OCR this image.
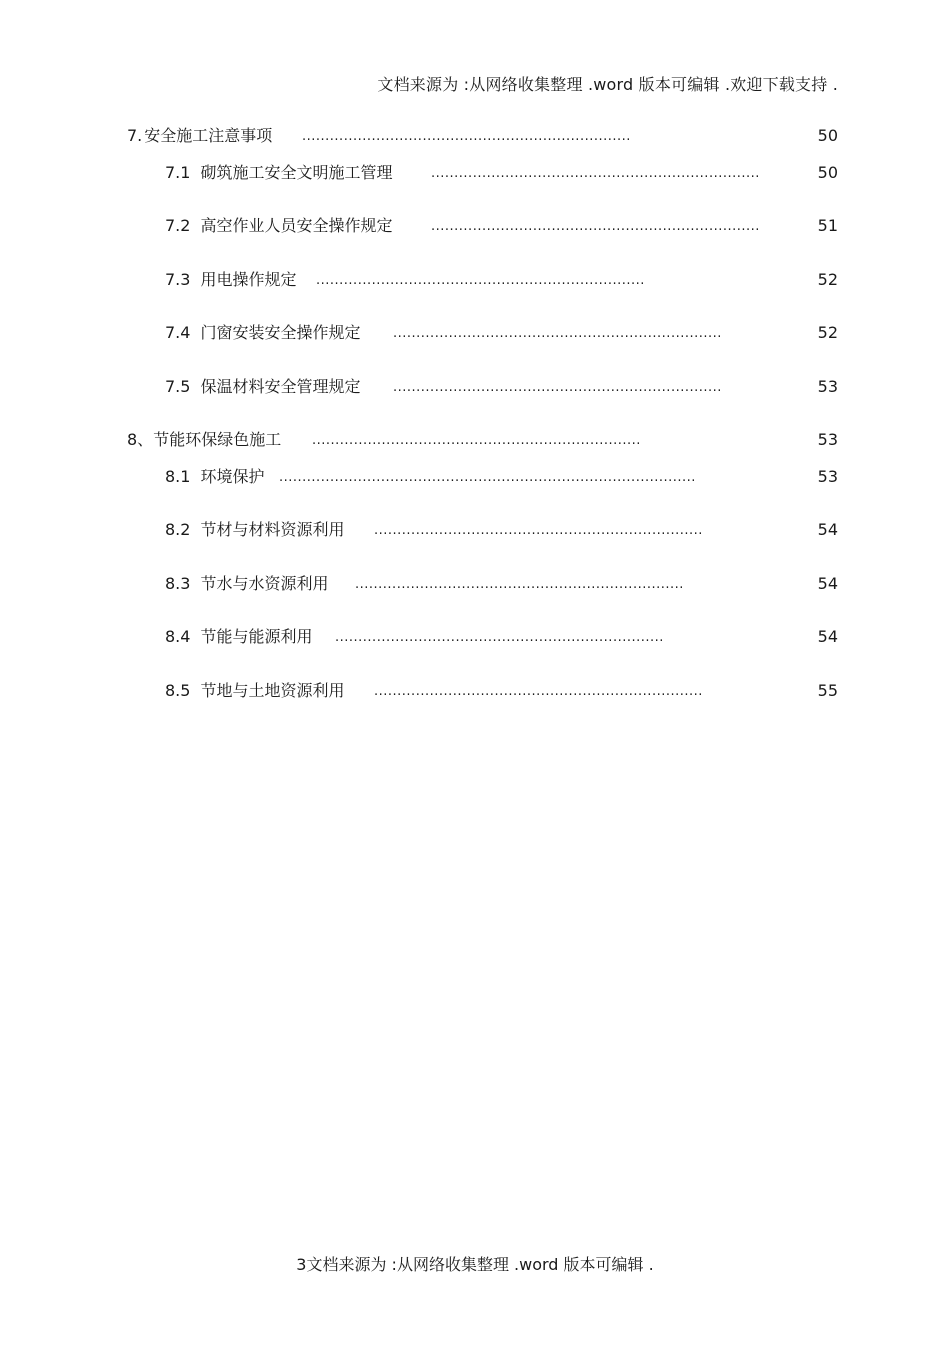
文档来源为 :从网络收集整理 .word 版本可编辑 .欢迎下载支持 .
7. 安全施工注意事项 .......................................................................	50
7.1 砌筑施工安全文明施工管理	.......................................................................	50
7.2 高空作业人员安全操作规定	.......................................................................	51
7.3 用电操作规定 .......................................................................	52
7.4 门窗安装安全操作规定	.......................................................................	52
7.5 保温材料安全管理规定	.......................................................................	53
8、节能环保绿色施工 .......................................................................	53
8.1 环境保护 ..........................................................................................	53
8.2 节材与材料资源利用 .......................................................................	54
8.3 节水与水资源利用 .......................................................................	54
8.4 节能与能源利用 .......................................................................	54
8.5 节地与土地资源利用 .......................................................................	55
3文档来源为 :从网络收集整理 .word 版本可编辑 .
